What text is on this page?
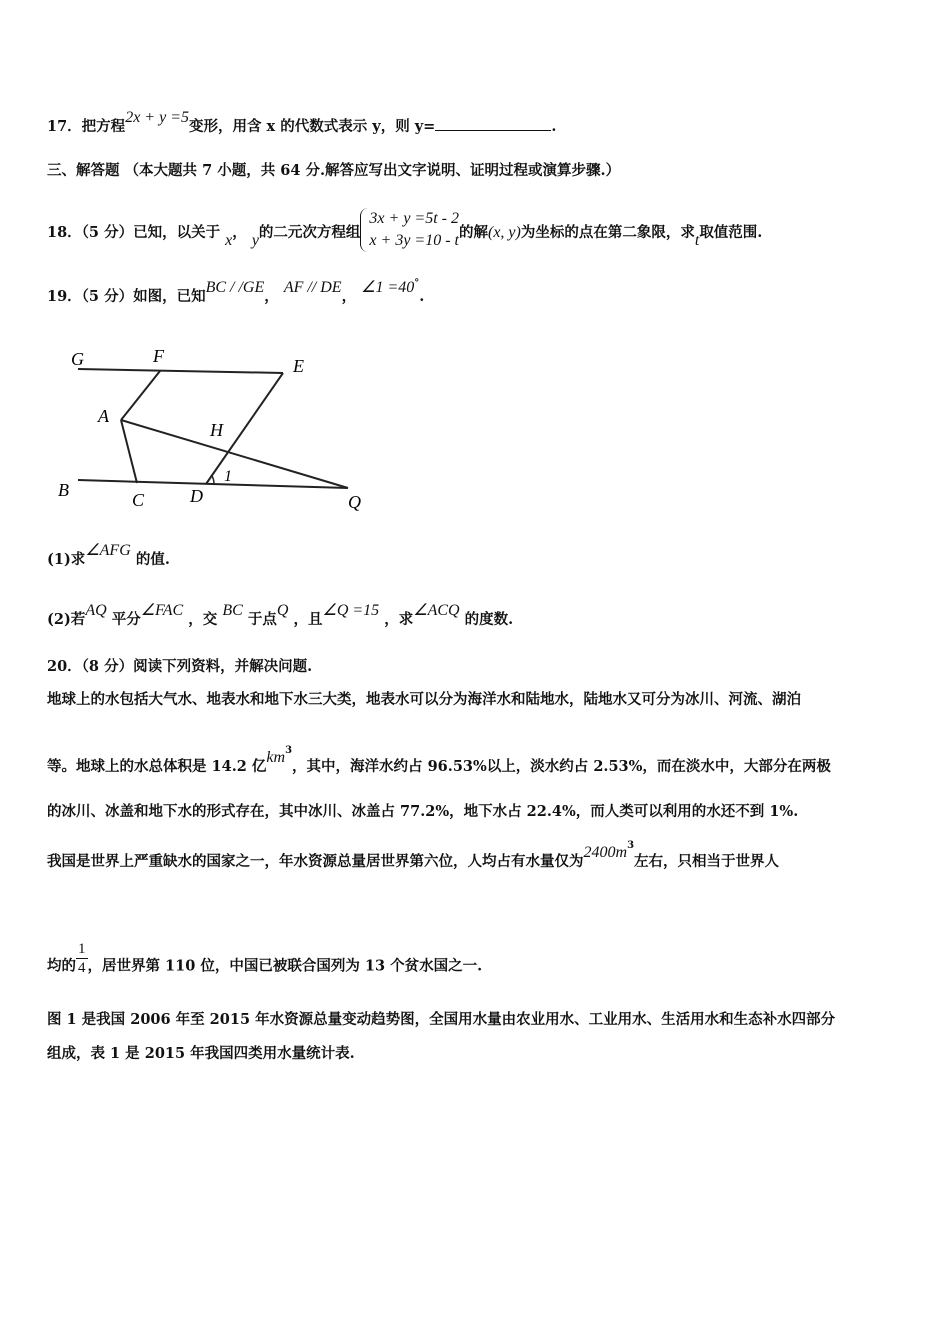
17．把方程2x + y =5变形，用含 x 的代数式表示 y，则 y=	.
三、解答题 （本大题共 7 小题，共 64 分.解答应写出文字说明、证明过程或演算步骤.）
18．（5 分）已知，以关于 x， y的二元次方程组
3x + y =5t - 2
x + 3y =10 - t 的解(x, y)为坐标的点在第二象限，求t取值范围.
19．（5 分）如图，已知BC / /GE， AF // DE， ∠1 =40°.
G	F	E
A
H
B	C	D	Q
1
(1)求∠AFG 的值.
(2)若AQ 平分∠FAC ，交 BC 于点Q ，且∠Q =15 ，求∠ACQ 的度数.
20．（8 分）阅读下列资料，并解决问题.
地球上的水包括大气水、地表水和地下水三大类，地表水可以分为海洋水和陆地水，陆地水又可分为冰川、河流、湖泊
等。地球上的水总体积是 14.2 亿$km^3$，其中，海洋水约占 96.53%以上，淡水约占 2.53%，而在淡水中，大部分在两极
的冰川、冰盖和地下水的形式存在，其中冰川、冰盖占 77.2%，地下水占 22.4%，而人类可以利用的水还不到 1%.
我国是世界上严重缺水的国家之一，年水资源总量居世界第六位，人均占有水量仅为$2400m^3$左右，只相当于世界人
均的 $\frac{1}{4}$ ，居世界第 110 位，中国已被联合国列为 13 个贫水国之一.
图 1 是我国 2006 年至 2015 年水资源总量变动趋势图，全国用水量由农业用水、工业用水、生活用水和生态补水四部分
组成，表 1 是 2015 年我国四类用水量统计表.
